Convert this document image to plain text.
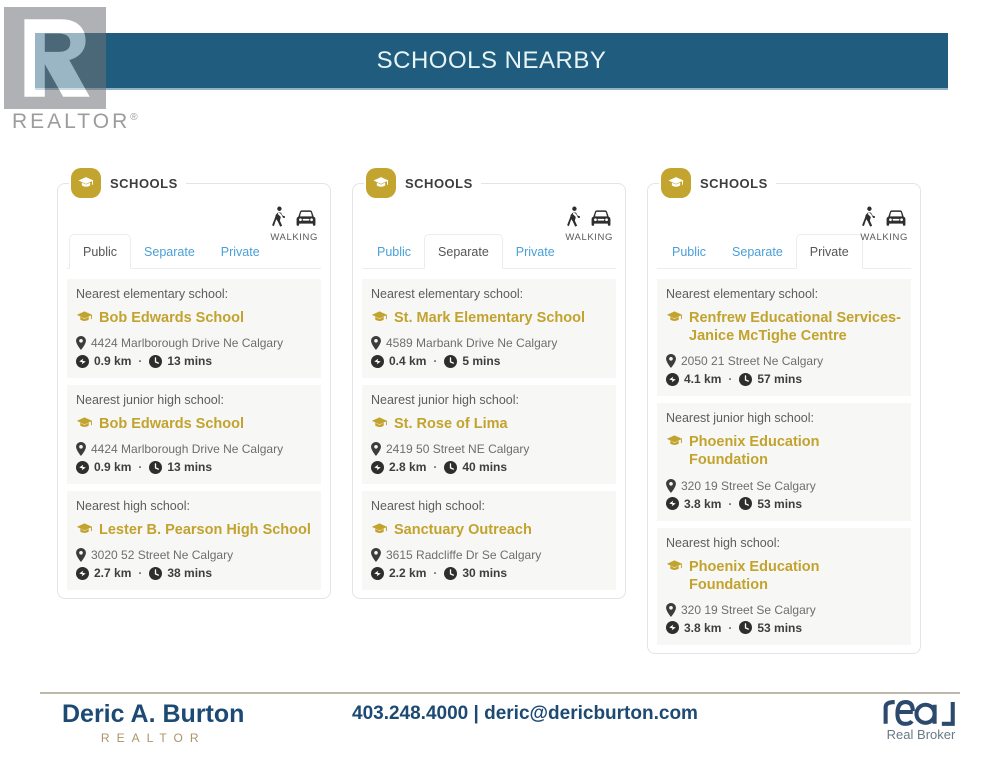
SCHOOLS NEARBY
REALTOR®
SCHOOLS
WALKING
Public	Separate	Private
Nearest elementary school:
Bob Edwards School
4424 Marlborough Drive Ne Calgary
0.9 km · 13 mins
Nearest junior high school:
Bob Edwards School
4424 Marlborough Drive Ne Calgary
0.9 km · 13 mins
Nearest high school:
Lester B. Pearson High School
3020 52 Street Ne Calgary
2.7 km · 38 mins
SCHOOLS
WALKING
Public	Separate	Private
Nearest elementary school:
St. Mark Elementary School
4589 Marbank Drive Ne Calgary
0.4 km · 5 mins
Nearest junior high school:
St. Rose of Lima
2419 50 Street NE Calgary
2.8 km · 40 mins
Nearest high school:
Sanctuary Outreach
3615 Radcliffe Dr Se Calgary
2.2 km · 30 mins
SCHOOLS
WALKING
Public	Separate	Private
Nearest elementary school:
Renfrew Educational Services- Janice McTighe Centre
2050 21 Street Ne Calgary
4.1 km · 57 mins
Nearest junior high school:
Phoenix Education Foundation
320 19 Street Se Calgary
3.8 km · 53 mins
Nearest high school:
Phoenix Education Foundation
320 19 Street Se Calgary
3.8 km · 53 mins
Deric A. Burton
REALTOR
403.248.4000 | deric@dericburton.com
Real Broker
